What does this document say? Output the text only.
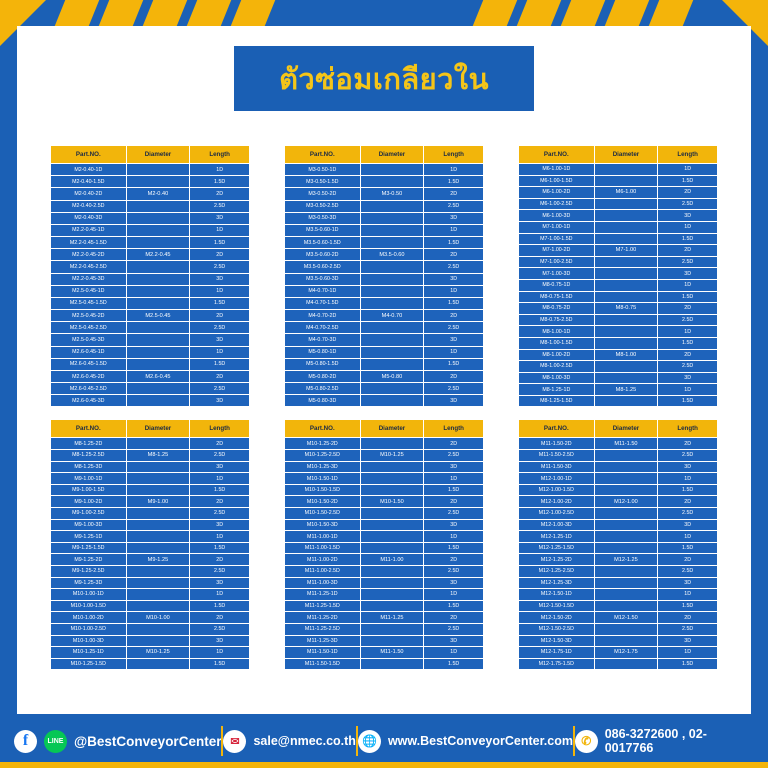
ตัวซ่อมเกลียวใน
Part.NO.	Diameter	Length
M2-0.40-1D		1D
M2-0.40-1.5D		1.5D
M2-0.40-2D	M2-0.40	2D
M2-0.40-2.5D		2.5D
M2-0.40-3D		3D
M2.2-0.45-1D		1D
M2.2-0.45-1.5D		1.5D
M2.2-0.45-2D	M2.2-0.45	2D
M2.2-0.45-2.5D		2.5D
M2.2-0.45-3D		3D
M2.5-0.45-1D		1D
M2.5-0.45-1.5D		1.5D
M2.5-0.45-2D	M2.5-0.45	2D
M2.5-0.45-2.5D		2.5D
M2.5-0.45-3D		3D
M2.6-0.45-1D		1D
M2.6-0.45-1.5D		1.5D
M2.6-0.45-2D	M2.6-0.45	2D
M2.6-0.45-2.5D		2.5D
M2.6-0.45-3D		3D
Part.NO.	Diameter	Length
M3-0.50-1D		1D
M3-0.50-1.5D		1.5D
M3-0.50-2D	M3-0.50	2D
M3-0.50-2.5D		2.5D
M3-0.50-3D		3D
M3.5-0.60-1D		1D
M3.5-0.60-1.5D		1.5D
M3.5-0.60-2D	M3.5-0.60	2D
M3.5-0.60-2.5D		2.5D
M3.5-0.60-3D		3D
M4-0.70-1D		1D
M4-0.70-1.5D		1.5D
M4-0.70-2D	M4-0.70	2D
M4-0.70-2.5D		2.5D
M4-0.70-3D		3D
M5-0.80-1D		1D
M5-0.80-1.5D		1.5D
M5-0.80-2D	M5-0.80	2D
M5-0.80-2.5D		2.5D
M5-0.80-3D		3D
Part.NO.	Diameter	Length
M6-1.00-1D		1D
M6-1.00-1.5D		1.5D
M6-1.00-2D	M6-1.00	2D
M6-1.00-2.5D		2.5D
M6-1.00-3D		3D
M7-1.00-1D		1D
M7-1.00-1.5D		1.5D
M7-1.00-2D	M7-1.00	2D
M7-1.00-2.5D		2.5D
M7-1.00-3D		3D
M8-0.75-1D		1D
M8-0.75-1.5D		1.5D
M8-0.75-2D	M8-0.75	2D
M8-0.75-2.5D		2.5D
M8-1.00-1D		1D
M8-1.00-1.5D		1.5D
M8-1.00-2D	M8-1.00	2D
M8-1.00-2.5D		2.5D
M8-1.00-3D		3D
M8-1.25-1D	M8-1.25	1D
M8-1.25-1.5D		1.5D
Part.NO.	Diameter	Length
M8-1.25-2D		2D
M8-1.25-2.5D	M8-1.25	2.5D
M8-1.25-3D		3D
M9-1.00-1D		1D
M9-1.00-1.5D		1.5D
M9-1.00-2D	M9-1.00	2D
M9-1.00-2.5D		2.5D
M9-1.00-3D		3D
M9-1.25-1D		1D
M9-1.25-1.5D		1.5D
M9-1.25-2D	M9-1.25	2D
M9-1.25-2.5D		2.5D
M9-1.25-3D		3D
M10-1.00-1D		1D
M10-1.00-1.5D		1.5D
M10-1.00-2D	M10-1.00	2D
M10-1.00-2.5D		2.5D
M10-1.00-3D		3D
M10-1.25-1D	M10-1.25	1D
M10-1.25-1.5D		1.5D
Part.NO.	Diameter	Length
M10-1.25-2D		2D
M10-1.25-2.5D	M10-1.25	2.5D
M10-1.25-3D		3D
M10-1.50-1D		1D
M10-1.50-1.5D		1.5D
M10-1.50-2D	M10-1.50	2D
M10-1.50-2.5D		2.5D
M10-1.50-3D		3D
M11-1.00-1D		1D
M11-1.00-1.5D		1.5D
M11-1.00-2D	M11-1.00	2D
M11-1.00-2.5D		2.5D
M11-1.00-3D		3D
M11-1.25-1D		1D
M11-1.25-1.5D		1.5D
M11-1.25-2D	M11-1.25	2D
M11-1.25-2.5D		2.5D
M11-1.25-3D		3D
M11-1.50-1D	M11-1.50	1D
M11-1.50-1.5D		1.5D
Part.NO.	Diameter	Length
M11-1.50-2D	M11-1.50	2D
M11-1.50-2.5D		2.5D
M11-1.50-3D		3D
M12-1.00-1D		1D
M12-1.00-1.5D		1.5D
M12-1.00-2D	M12-1.00	2D
M12-1.00-2.5D		2.5D
M12-1.00-3D		3D
M12-1.25-1D		1D
M12-1.25-1.5D		1.5D
M12-1.25-2D	M12-1.25	2D
M12-1.25-2.5D		2.5D
M12-1.25-3D		3D
M12-1.50-1D		1D
M12-1.50-1.5D		1.5D
M12-1.50-2D	M12-1.50	2D
M12-1.50-2.5D		2.5D
M12-1.50-3D		3D
M12-1.75-1D	M12-1.75	1D
M12-1.75-1.5D		1.5D
f	LINE @BestConveyorCenter ✉	sale@nmec.co.th 🌐 www.BestConveyorCenter.com ✆	086-3272600 , 02-0017766
